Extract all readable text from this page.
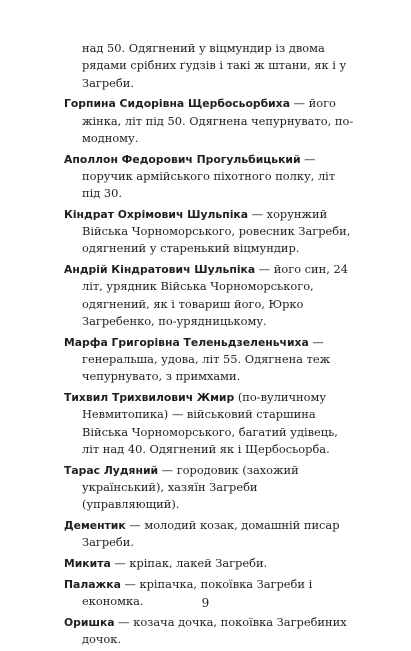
над 50. Одягнений у віцмундир із двома рядами срібних ґудзів і такі ж штани, як і у Загреби.

Горпина Сидорівна Щербосьорбиха — його жінка, літ під 50. Одягнена чепурнувато, по-модному.

Аполлон Федорович Прогульбицький — поручик армійського піхотного полку, літ під 30.

Кіндрат Охрімович Шульпіка — хорунжий Війська Чорноморського, ровесник Загреби, одягнений у старенький віцмундир.

Андрій Кіндратович Шульпіка — його син, 24 літ, урядник Війська Чорноморського, одягнений, як і товариш його, Юрко Загребенко, по-урядницькому.

Марфа Григорівна Теленьдзеленьчиха — генеральша, удова, літ 55. Одягнена теж чепурнувато, з примхами.

Тихвил Трихвилович Жмир (по-вуличному Невмитопика) — військовий старшина Війська Чорноморського, багатий удівець, літ над 40. Одягнений як і Щербосьорба.

Тарас Лудяний — городовик (захожий український), хазяїн Загреби (управляющий).

Дементик — молодий козак, домашній писар Загреби.

Микита — кріпак, лакей Загреби.

Палажка — кріпачка, покоївка Загреби і економка.

Оришка — козача дочка, покоївка Загребиних дочок.

9
